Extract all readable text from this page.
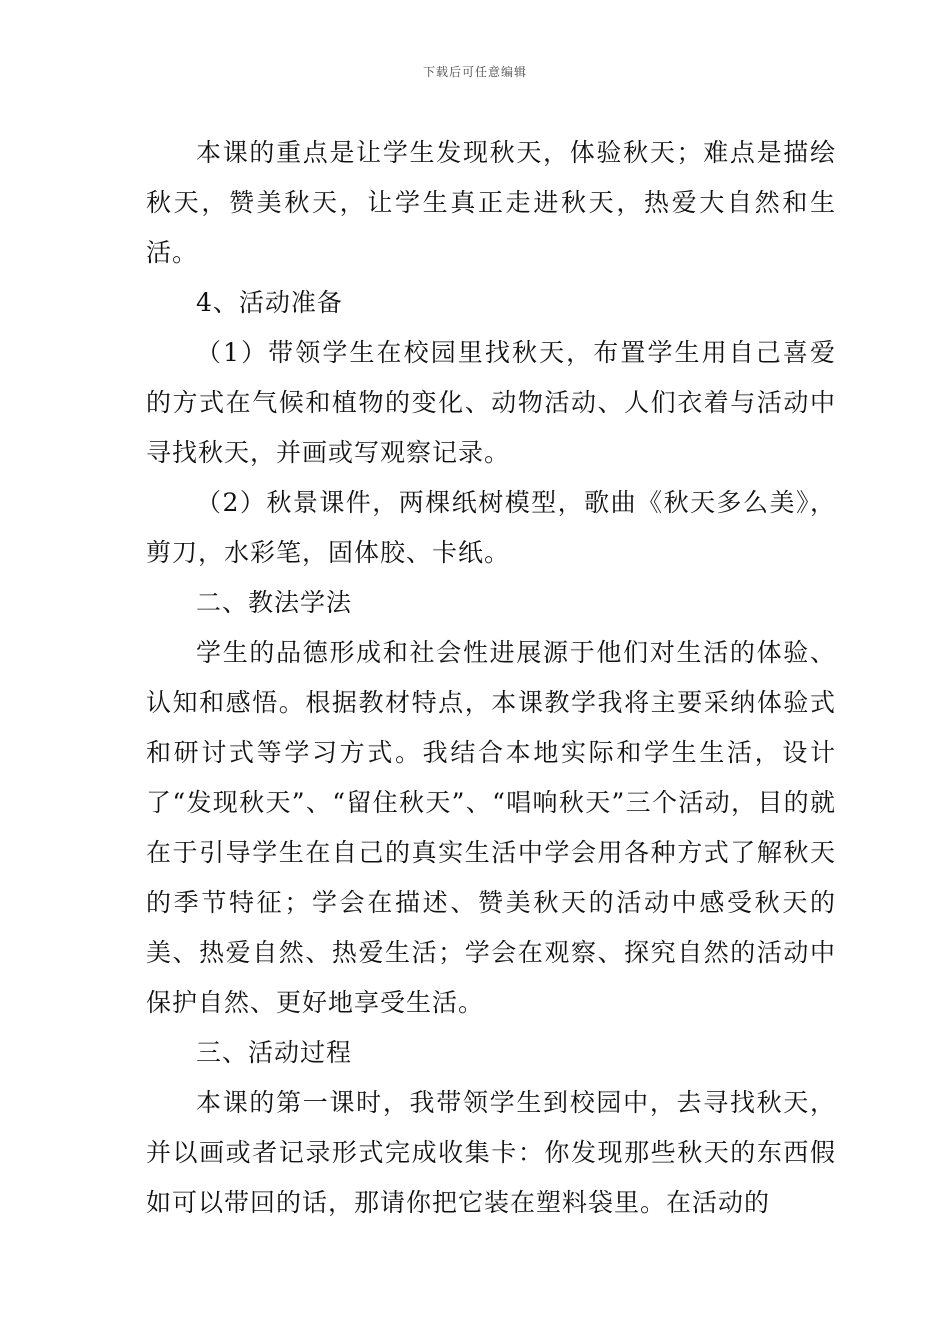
下载后可任意编辑

本课的重点是让学生发现秋天，体验秋天；难点是描绘秋天，赞美秋天，让学生真正走进秋天，热爱大自然和生活。

4、活动准备

（1）带领学生在校园里找秋天，布置学生用自己喜爱的方式在气候和植物的变化、动物活动、人们衣着与活动中寻找秋天，并画或写观察记录。

（2）秋景课件，两棵纸树模型，歌曲《秋天多么美》，剪刀，水彩笔，固体胶、卡纸。

二、教法学法

学生的品德形成和社会性进展源于他们对生活的体验、认知和感悟。根据教材特点，本课教学我将主要采纳体验式和研讨式等学习方式。我结合本地实际和学生生活，设计了“发现秋天”、“留住秋天”、“唱响秋天”三个活动，目的就在于引导学生在自己的真实生活中学会用各种方式了解秋天的季节特征；学会在描述、赞美秋天的活动中感受秋天的美、热爱自然、热爱生活；学会在观察、探究自然的活动中保护自然、更好地享受生活。

三、活动过程

本课的第一课时，我带领学生到校园中，去寻找秋天，并以画或者记录形式完成收集卡：你发现那些秋天的东西假如可以带回的话，那请你把它装在塑料袋里。在活动的
